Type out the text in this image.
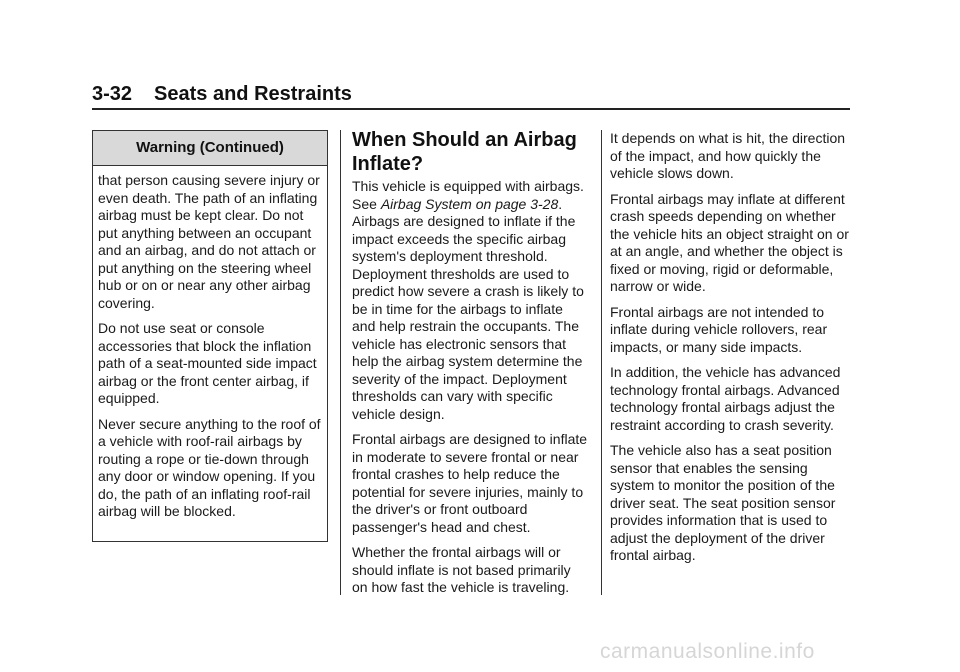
3-32 Seats and Restraints
Warning (Continued)

that person causing severe injury or even death. The path of an inflating airbag must be kept clear. Do not put anything between an occupant and an airbag, and do not attach or put anything on the steering wheel hub or on or near any other airbag covering.

Do not use seat or console accessories that block the inflation path of a seat-mounted side impact airbag or the front center airbag, if equipped.

Never secure anything to the roof of a vehicle with roof-rail airbags by routing a rope or tie-down through any door or window opening. If you do, the path of an inflating roof-rail airbag will be blocked.

When Should an Airbag Inflate?

This vehicle is equipped with airbags. See Airbag System on page 3-28. Airbags are designed to inflate if the impact exceeds the specific airbag system's deployment threshold. Deployment thresholds are used to predict how severe a crash is likely to be in time for the airbags to inflate and help restrain the occupants. The vehicle has electronic sensors that help the airbag system determine the severity of the impact. Deployment thresholds can vary with specific vehicle design.

Frontal airbags are designed to inflate in moderate to severe frontal or near frontal crashes to help reduce the potential for severe injuries, mainly to the driver's or front outboard passenger's head and chest.

Whether the frontal airbags will or should inflate is not based primarily on how fast the vehicle is traveling.

It depends on what is hit, the direction of the impact, and how quickly the vehicle slows down.

Frontal airbags may inflate at different crash speeds depending on whether the vehicle hits an object straight on or at an angle, and whether the object is fixed or moving, rigid or deformable, narrow or wide.

Frontal airbags are not intended to inflate during vehicle rollovers, rear impacts, or many side impacts.

In addition, the vehicle has advanced technology frontal airbags. Advanced technology frontal airbags adjust the restraint according to crash severity.

The vehicle also has a seat position sensor that enables the sensing system to monitor the position of the driver seat. The seat position sensor provides information that is used to adjust the deployment of the driver frontal airbag.

carmanualsonline.info
